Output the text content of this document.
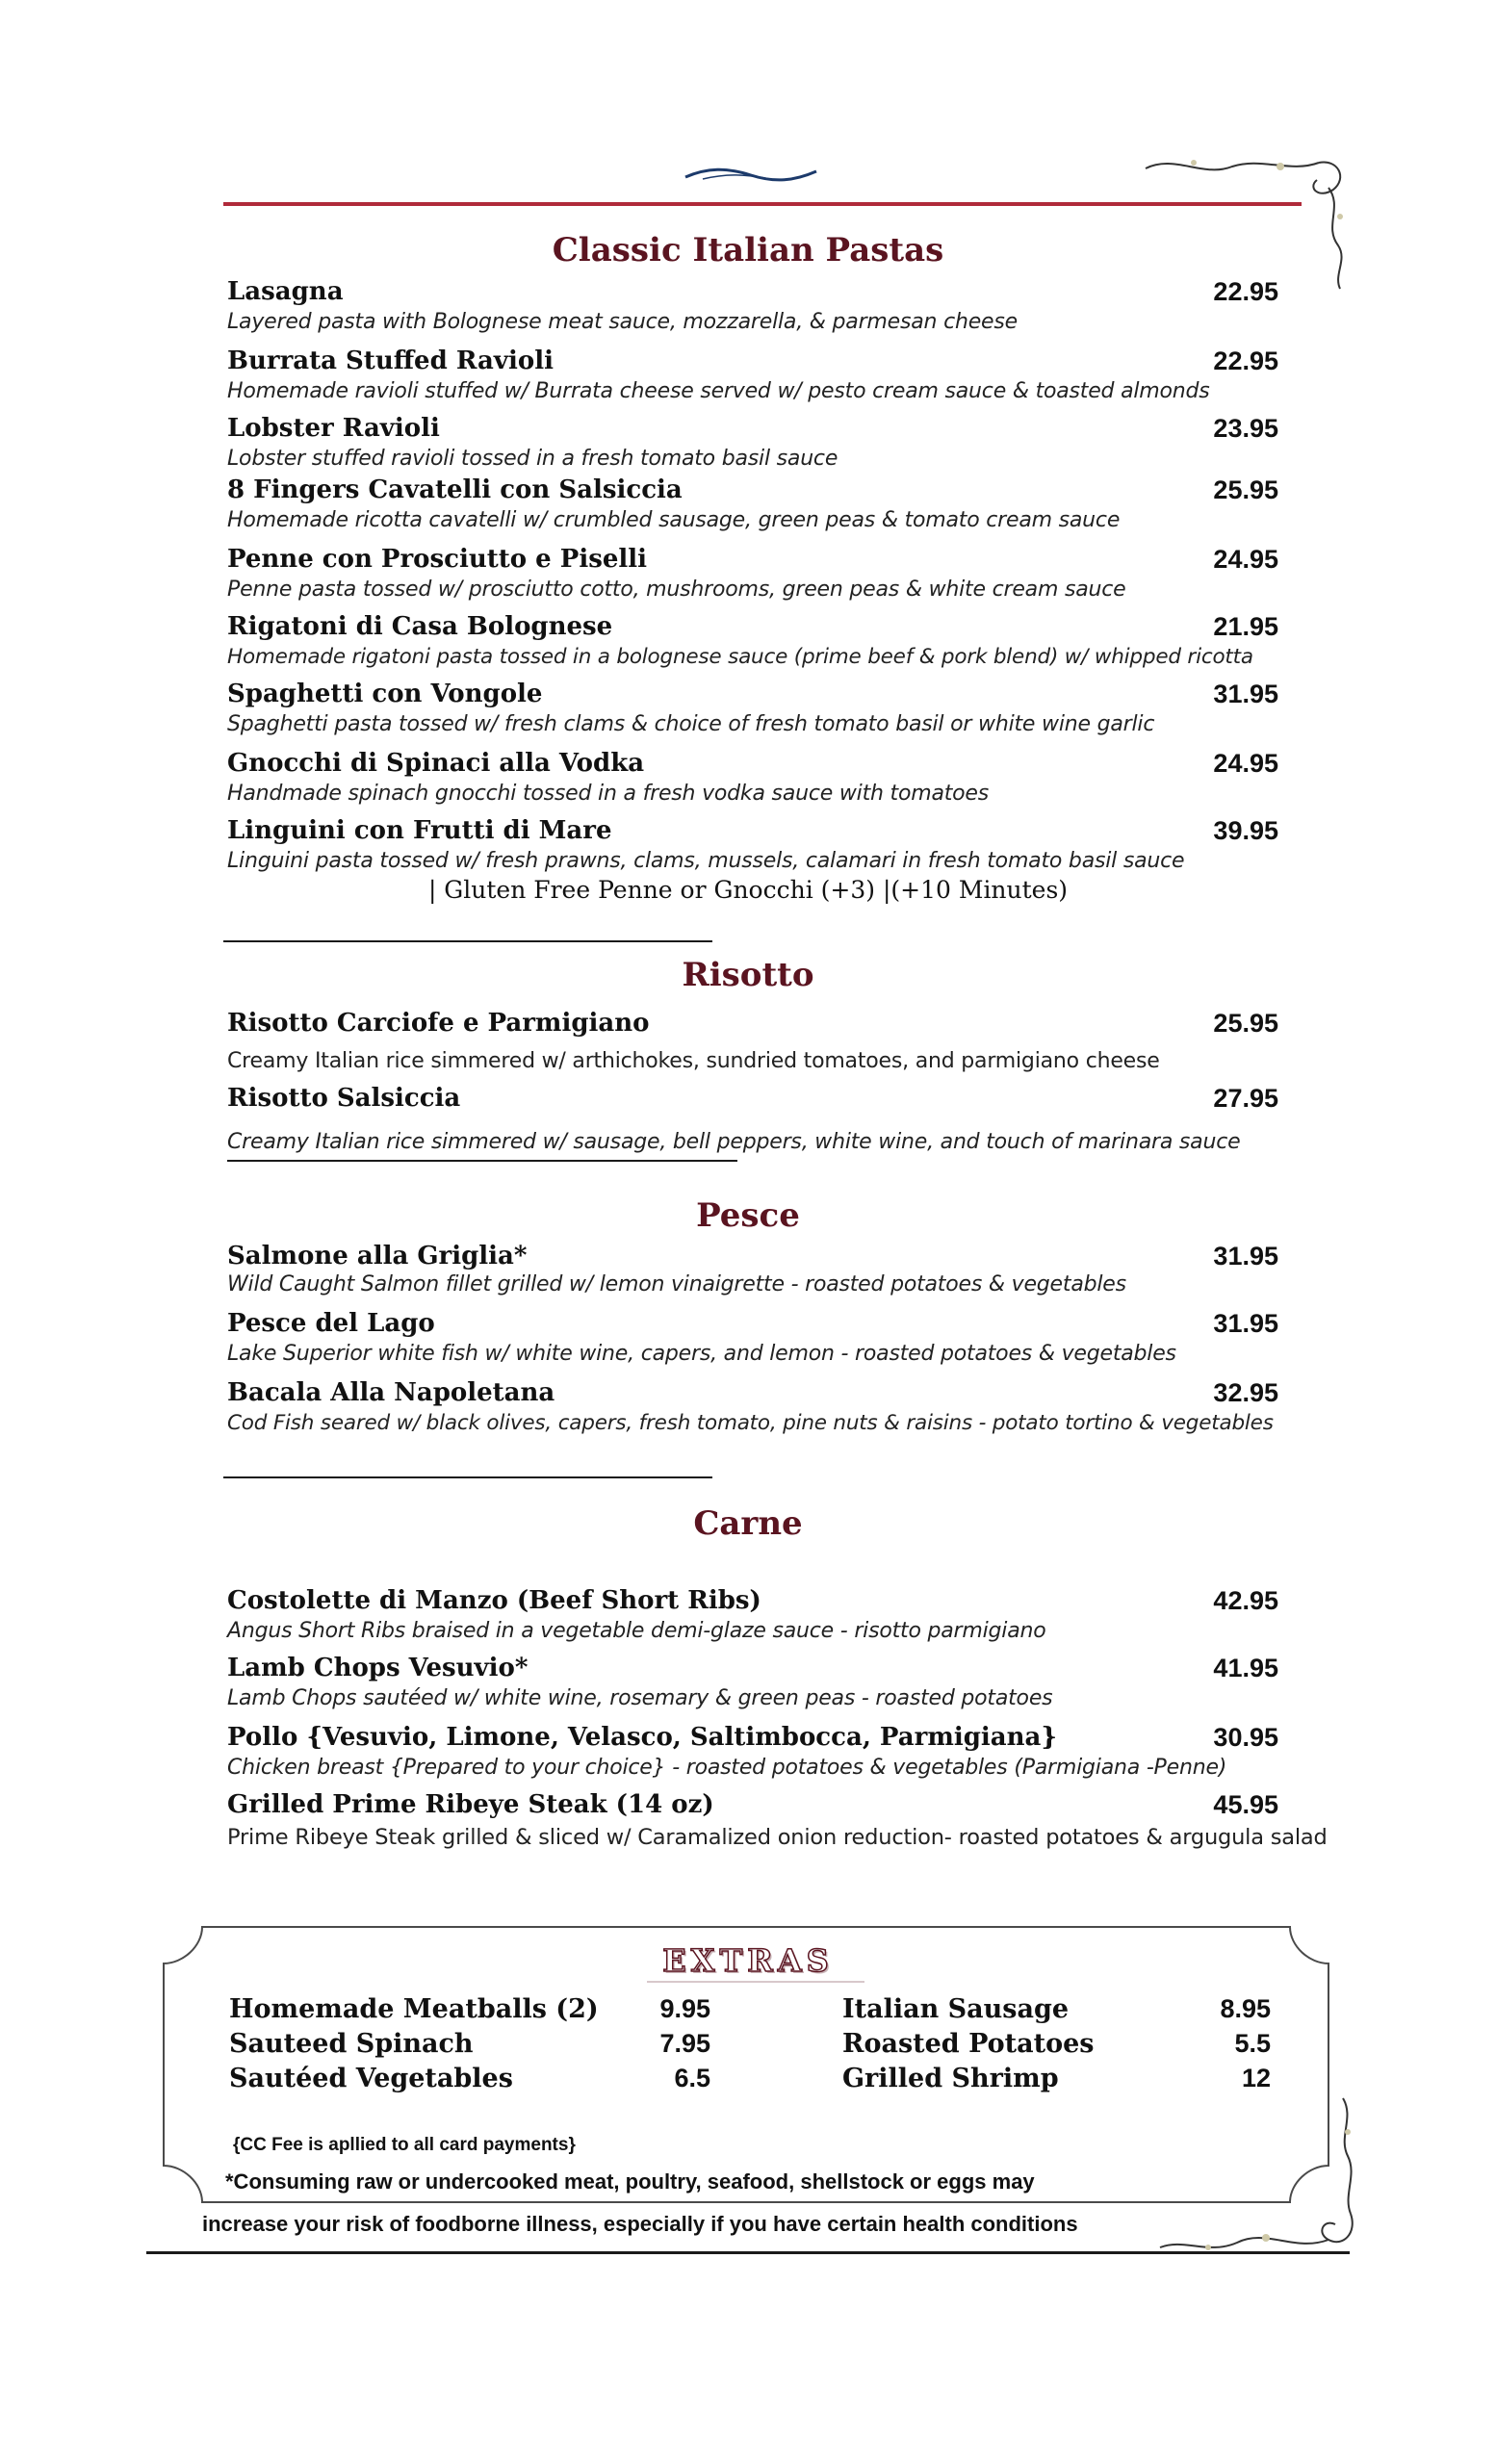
Classic Italian Pastas
Lasagna	22.95
Layered pasta with Bolognese meat sauce, mozzarella, & parmesan cheese
Burrata Stuffed Ravioli	22.95
Homemade ravioli stuffed w/ Burrata cheese served w/ pesto cream sauce & toasted almonds
Lobster Ravioli	23.95
Lobster stuffed ravioli tossed in a fresh tomato basil sauce
8 Fingers Cavatelli con Salsiccia	25.95
Homemade ricotta cavatelli w/ crumbled sausage, green peas & tomato cream sauce
Penne con Prosciutto e Piselli	24.95
Penne pasta tossed w/ prosciutto cotto, mushrooms, green peas & white cream sauce
Rigatoni di Casa Bolognese	21.95
Homemade rigatoni pasta tossed in a bolognese sauce (prime beef & pork blend) w/ whipped ricotta
Spaghetti con Vongole	31.95
Spaghetti pasta tossed w/ fresh clams & choice of fresh tomato basil or white wine garlic
Gnocchi di Spinaci alla Vodka	24.95
Handmade spinach gnocchi tossed in a fresh vodka sauce with tomatoes
Linguini con Frutti di Mare	39.95
Linguini pasta tossed w/ fresh prawns, clams, mussels, calamari in fresh tomato basil sauce
| Gluten Free Penne or Gnocchi (+3) |(+10 Minutes)
Risotto
Risotto Carciofe e Parmigiano	25.95
Creamy Italian rice simmered w/ arthichokes, sundried tomatoes, and parmigiano cheese
Risotto Salsiccia	27.95
Creamy Italian rice simmered w/ sausage, bell peppers, white wine, and touch of marinara sauce
Pesce
Salmone alla Griglia*	31.95
Wild Caught Salmon fillet grilled w/ lemon vinaigrette - roasted potatoes & vegetables
Pesce del Lago	31.95
Lake Superior white fish w/ white wine, capers, and lemon - roasted potatoes & vegetables
Bacala Alla Napoletana	32.95
Cod Fish seared w/ black olives, capers, fresh tomato, pine nuts & raisins - potato tortino & vegetables
Carne
Costolette di Manzo (Beef Short Ribs)	42.95
Angus Short Ribs braised in a vegetable demi-glaze sauce - risotto parmigiano
Lamb Chops Vesuvio*	41.95
Lamb Chops sautéed w/ white wine, rosemary & green peas - roasted potatoes
Pollo {Vesuvio, Limone, Velasco, Saltimbocca, Parmigiana}	30.95
Chicken breast {Prepared to your choice} - roasted potatoes & vegetables (Parmigiana -Penne)
Grilled Prime Ribeye Steak (14 oz)	45.95
Prime Ribeye Steak grilled & sliced w/ Caramalized onion reduction- roasted potatoes & argugula salad
EXTRAS
Homemade Meatballs (2)	9.95
Sauteed Spinach	7.95
Sautéed Vegetables	6.5
Italian Sausage	8.95
Roasted Potatoes	5.5
Grilled Shrimp	12
{CC Fee is apllied to all card payments}
*Consuming raw or undercooked meat, poultry, seafood, shellstock or eggs may
increase your risk of foodborne illness, especially if you have certain health conditions
